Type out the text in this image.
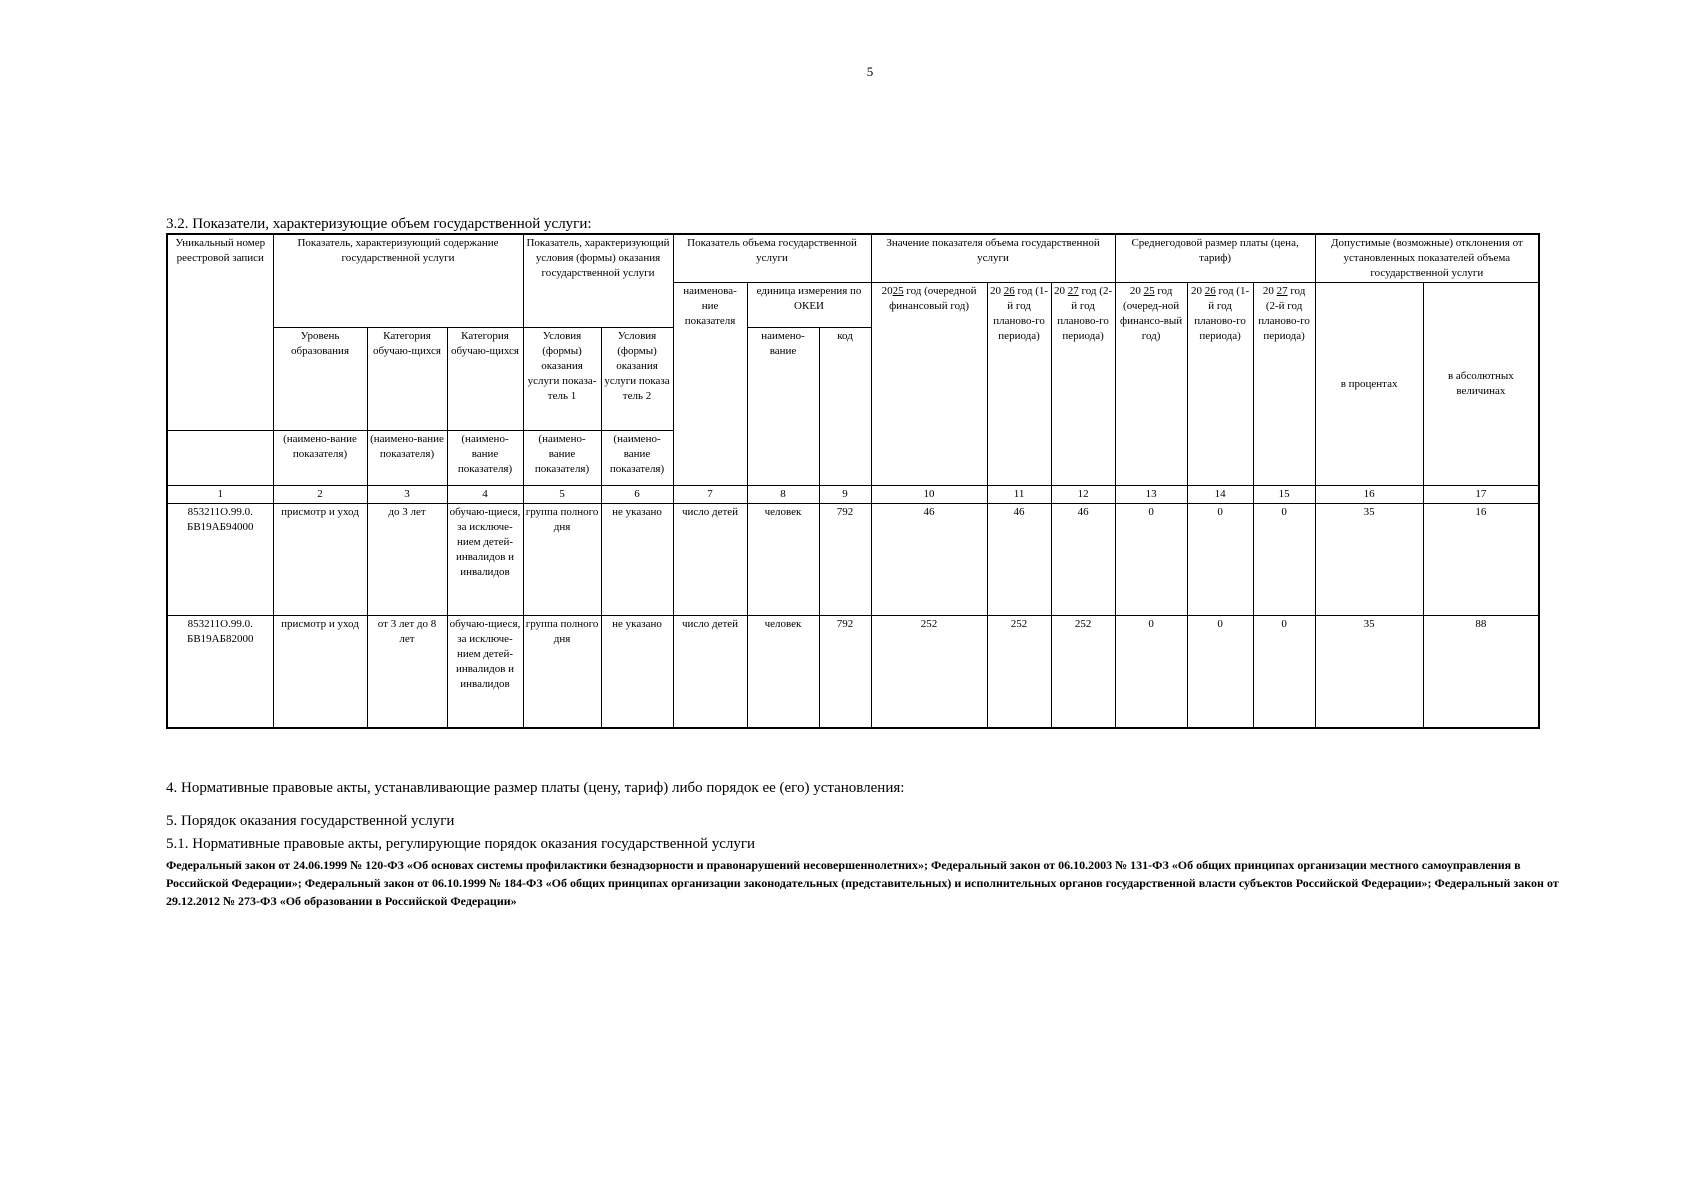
5
3.2. Показатели, характеризующие объем государственной услуги:
Уникальный номер реестровой записи	Показатель, характеризующий содержание государственной услуги			Показатель, характеризующий условия (формы) оказания государственной услуги		Показатель объема государственной услуги			Значение показателя объема государственной услуги			Среднегодовой размер платы (цена, тариф)			Допустимые (возможные) отклонения от установленных показателей объема государственной услуги	
						наименова-ние показателя	единица измерения по ОКЕИ		2025 год (очередной финансовый год)	20 26 год (1-й год планово-го периода)	20 27 год (2-й год планово-го периода)	20 25 год (очеред-ной финансо-вый год)	20 26 год (1-й год планово-го периода)	20 27 год (2-й год планово-го периода)	в процентах	в абсолютных величинах
	Уровень образования	Категория обучаю-щихся	Категория обучаю-щихся	Условия (формы) оказания услуги показа-тель 1	Условия (формы) оказания услуги показа тель 2		наимено-вание	код								
	(наимено-вание показателя)	(наимено-вание показателя)	(наимено-вание показателя)	(наимено-вание показателя)	(наимено-вание показателя)											
1	2	3	4	5	6	7	8	9	10	11	12	13	14	15	16	17
853211О.99.0. БВ19АБ94000	присмотр и уход	до 3 лет	обучаю-щиеся, за исключе-нием детей-инвалидов и инвалидов	группа полного дня	не указано	число детей	человек	792	46	46	46	0	0	0	35	16
853211О.99.0. БВ19АБ82000	присмотр и уход	от 3 лет до 8 лет	обучаю-щиеся, за исключе-нием детей-инвалидов и инвалидов	группа полного дня	не указано	число детей	человек	792	252	252	252	0	0	0	35	88
4. Нормативные правовые акты, устанавливающие размер платы (цену, тариф) либо порядок ее (его) установления:
5. Порядок оказания государственной услуги
5.1. Нормативные правовые акты, регулирующие порядок оказания государственной услуги
Федеральный закон от 24.06.1999 № 120-ФЗ «Об основах системы профилактики безнадзорности и правонарушений несовершеннолетних»; Федеральный закон от 06.10.2003 № 131-ФЗ «Об общих принципах организации местного самоуправления в Российской Федерации»; Федеральный закон от 06.10.1999 № 184-ФЗ «Об общих принципах организации законодательных (представительных) и исполнительных органов государственной власти субъектов Российской Федерации»; Федеральный закон от 29.12.2012 № 273-ФЗ «Об образовании в Российской Федерации»
